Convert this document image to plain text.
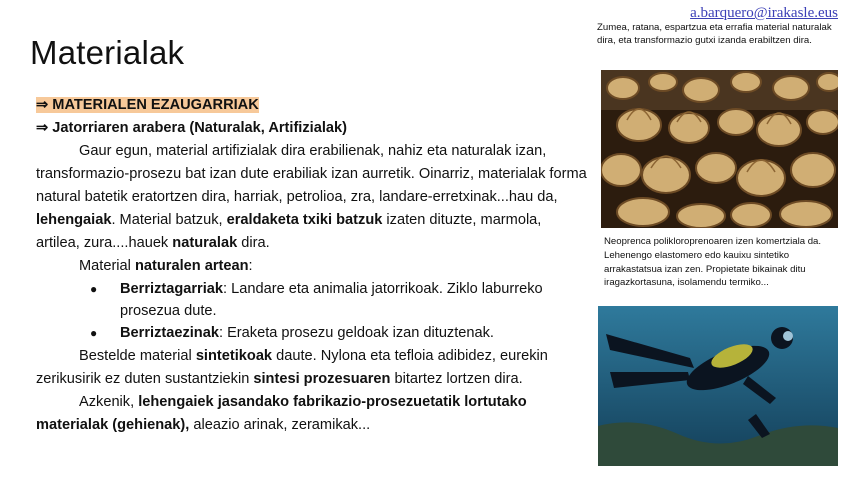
a.barquero@irakasle.eus
Materialak

⇒ MATERIALEN EZAUGARRIAK

⇒ Jatorriaren arabera (Naturalak, Artifizialak)

Gaur egun, material artifizialak dira erabilienak, nahiz eta naturalak izan, transformazio-prosezu bat izan dute erabiliak izan aurretik. Oinarriz, materialak forma natural batetik eratortzen dira, harriak, petrolioa, zra, landare-erretxinak...hau da, lehengaiak. Material batzuk, eraldaketa txiki batzuk izaten dituzte, marmola, artilea, zura....hauek naturalak dira.

Material naturalen artean:

●	Berriztagarriak: Landare eta animalia jatorrikoak. Ziklo laburreko prosezua dute.
●	Berriztaezinak: Eraketa prosezu geldoak izan dituztenak.

Bestelde material sintetikoak daute. Nylona eta tefloia adibidez, eurekin zerikusirik ez duten sustantziekin sintesi prozesuaren bitartez lortzen dira.

Azkenik, lehengaiek jasandako fabrikazio-prosezuetatik lortutako materialak (gehienak), aleazio arinak, zeramikak...

Zumea, ratana, espartzua eta errafia material naturalak dira, eta transformazio gutxi izanda erabiltzen dira.
Neoprenca polikloroprenoaren izen komertziala da. Lehenengo elastomero edo kauixu sintetiko arrakastatsua izan zen. Propietate bikainak ditu iragazkortasuna, isolamendu termiko...
